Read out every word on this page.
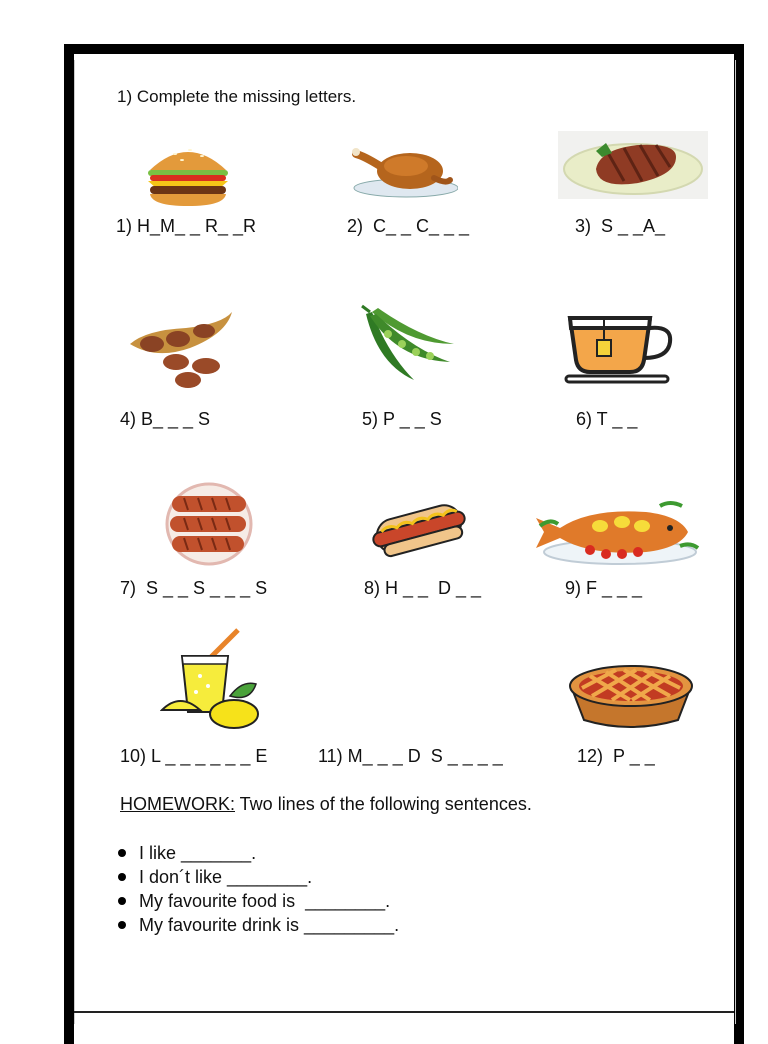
1) Complete the missing letters.
1) H_M_ _ R_ _R	2)  C_ _ C_ _ _	3)  S _ _A_
4) B_ _ _ S	5) P _ _ S	6) T _ _
7)  S _ _ S _ _ _ S	8) H _ _  D _ _	9) F _ _ _
10) L _ _ _ _ _ _ E	11) M_ _ _ D  S _ _ _ _	12)  P _ _
HOMEWORK: Two lines of the following sentences.
I like _______.
I don´t like ________.
My favourite food is  ________.
My favourite drink is _________.
